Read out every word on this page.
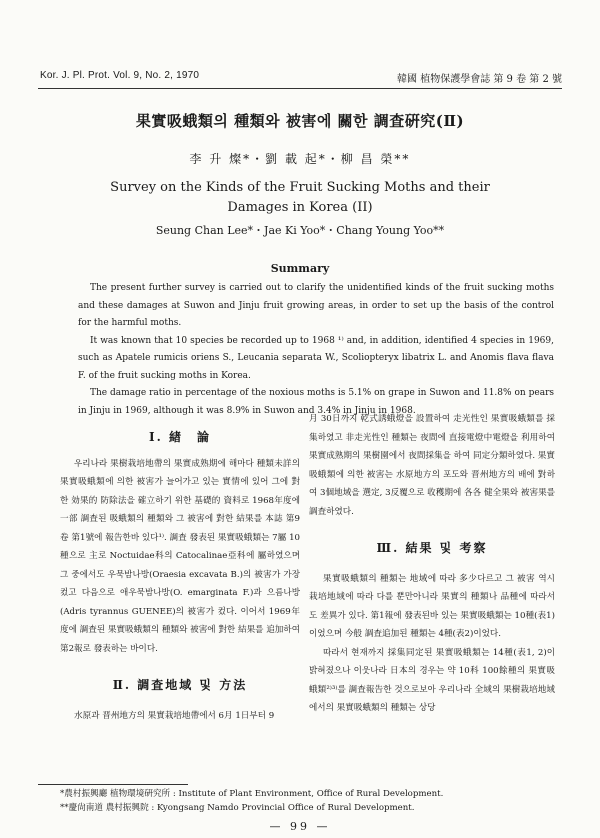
Kor. J. Pl. Prot. Vol. 9, No. 2, 1970	韓國 植物保護學會誌 第 9 卷 第 2 號
果實吸蛾類의 種類와 被害에 關한 調査硏究(Ⅱ)
李 升 燦*・劉 載 起*・柳 昌 榮**
Survey on the Kinds of the Fruit Sucking Moths and their
Damages in Korea (II)
Seung Chan Lee*・Jae Ki Yoo*・Chang Young Yoo**
Summary

The present further survey is carried out to clarify the unidentified kinds of the fruit sucking moths and these damages at Suwon and Jinju fruit growing areas, in order to set up the basis of the control for the harmful moths.

It was known that 10 species be recorded up to 1968 ¹⁾ and, in addition, identified 4 species in 1969, such as Apatele rumicis oriens S., Leucania separata W., Scoliopteryx libatrix L. and Anomis flava flava F. of the fruit sucking moths in Korea.

The damage ratio in percentage of the noxious moths is 5.1% on grape in Suwon and 11.8% on pears in Jinju in 1969, although it was 8.9% in Suwon and 3.4% in Jinju in 1968.

Ⅰ. 緖　論

우리나라 果樹栽培地帶의 果實成熟期에 해마다 種類未詳의 果實吸蛾類에 의한 被害가 늘어가고 있는 實情에 있어 그에 對한 効果的 防除法을 確立하기 위한 基礎的 資料로 1968年度에 一部 調査된 吸蛾類의 種類와 그 被害에 對한 結果를 本誌 第9卷 第1號에 報告한바 있다¹⁾. 調査 發表된 果實吸蛾類는 7屬 10種으로 主로 Noctuidae科의 Catocalinae亞科에 屬하였으며 그 중에서도 우묵밤나방(Oraesia excavata B.)의 被害가 가장 컸고 다음으로 애우묵밤나방(O. emarginata F.)과 으름나방(Adris tyrannus GUENEE)의 被害가 컸다. 이어서 1969年度에 調査된 果實吸蛾類의 種類와 被害에 對한 結果를 追加하여 第2報로 發表하는 바이다.

Ⅱ. 調査地域 및 方法

水原과 晋州地方의 果實栽培地帶에서 6月 1日부터 9

月 30日까지 乾式誘蛾燈을 設置하여 走光性인 果實吸蛾類를 採集하였고 非走光性인 種類는 夜間에 直接電燈中電燈을 利用하여 果實成熟期의 果樹園에서 夜間採集을 하여 同定分類하였다. 果實吸蛾類에 의한 被害는 水原地方의 포도와 晋州地方의 배에 對하여 3個地域을 選定, 3反覆으로 收穫期에 各各 健全果와 被害果를 調査하였다.

Ⅲ. 結果 및 考察

果實吸蛾類의 種類는 地域에 따라 多少다르고 그 被害 역시 栽培地域에 따라 다를 뿐만아니라 果實의 種類나 品種에 따라서도 差異가 있다. 第1報에 發表된바 있는 果實吸蛾類는 10種(表1)이었으며 今般 調査追加된 種類는 4種(表2)이었다.

따라서 현재까지 採集同定된 果實吸蛾類는 14種(表1, 2)이 밝혀졌으나 이웃나라 日本의 경우는 약 10科 100餘種의 果實吸蛾類²⁾³⁾를 調査報告한 것으로보아 우리나라 全域의 果樹栽培地域에서의 果實吸蛾類의 種類는 상당

*農村振興廳 植物環境硏究所 : Institute of Plant Environment, Office of Rural Development.

**慶尙南道 農村振興院 : Kyongsang Namdo Provincial Office of Rural Development.

— 99 —
